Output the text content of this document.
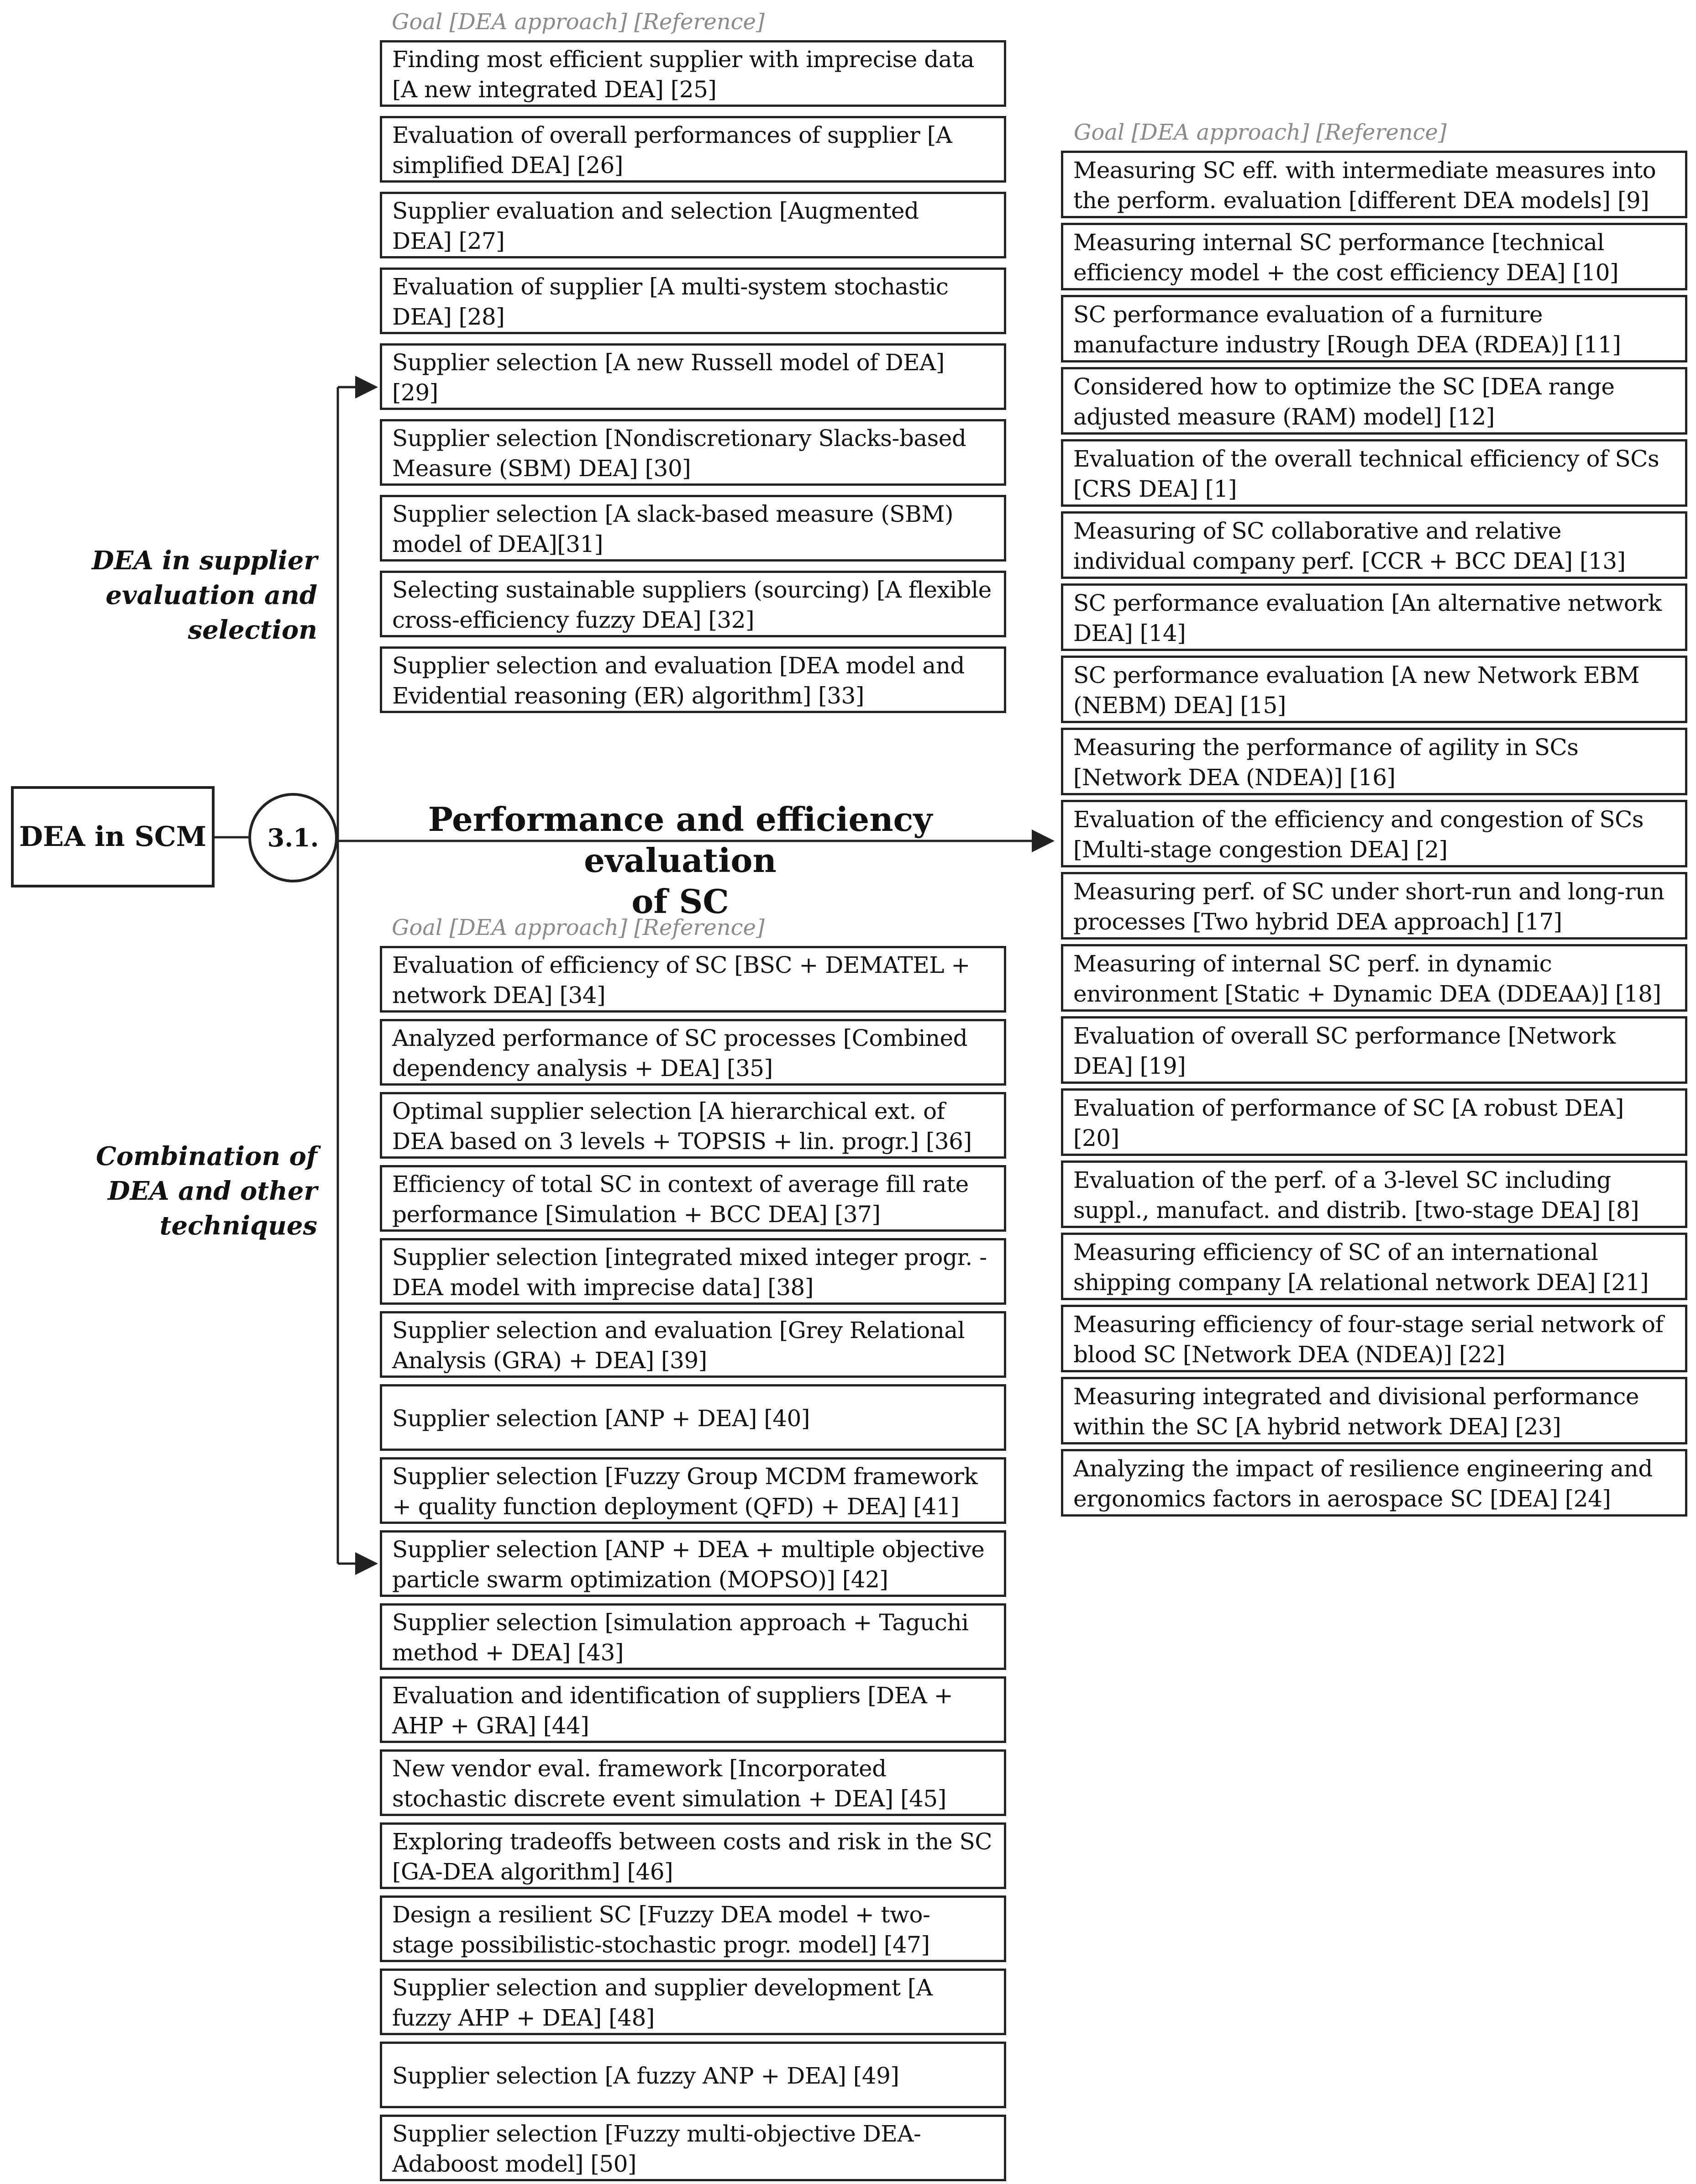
DEA in SCM 3.1.	Performance and efficiency evaluation
of SC
DEA in supplier
evaluation and
selection
Combination of
DEA and other
techniques
Goal [DEA approach] [Reference]
Goal [DEA approach] [Reference]
Goal [DEA approach] [Reference]
Finding most efficient supplier with imprecise data
[A new integrated DEA] [25]
Evaluation of overall performances of supplier [A
simplified DEA] [26]
Supplier evaluation and selection [Augmented
DEA] [27]
Evaluation of supplier [A multi-system stochastic
DEA] [28]
Supplier selection [A new Russell model of DEA]
[29]
Supplier selection [Nondiscretionary Slacks-based
Measure (SBM) DEA] [30]
Supplier selection [A slack-based measure (SBM)
model of DEA][31]
Selecting sustainable suppliers (sourcing) [A flexible
cross-efficiency fuzzy DEA] [32]
Supplier selection and evaluation [DEA model and
Evidential reasoning (ER) algorithm] [33]
Measuring SC eff. with intermediate measures into
the perform. evaluation [different DEA models] [9]
Measuring internal SC performance [technical
efficiency model + the cost efficiency DEA] [10]
SC performance evaluation of a furniture
manufacture industry [Rough DEA (RDEA)] [11]
Considered how to optimize the SC [DEA range
adjusted measure (RAM) model] [12]
Evaluation of the overall technical efficiency of SCs
[CRS DEA] [1]
Measuring of SC collaborative and relative
individual company perf. [CCR + BCC DEA] [13]
SC performance evaluation [An alternative network
DEA] [14]
SC performance evaluation [A new Network EBM
(NEBM) DEA] [15]
Measuring the performance of agility in SCs
[Network DEA (NDEA)] [16]
Evaluation of the efficiency and congestion of SCs
[Multi-stage congestion DEA] [2]
Measuring perf. of SC under short-run and long-run
processes [Two hybrid DEA approach] [17]
Measuring of internal SC perf. in dynamic
environment [Static + Dynamic DEA (DDEAA)] [18]
Evaluation of overall SC performance [Network
DEA] [19]
Evaluation of performance of SC [A robust DEA]
[20]
Evaluation of the perf. of a 3-level SC including
suppl., manufact. and distrib. [two-stage DEA] [8]
Measuring efficiency of SC of an international
shipping company [A relational network DEA] [21]
Measuring efficiency of four-stage serial network of
blood SC [Network DEA (NDEA)] [22]
Measuring integrated and divisional performance
within the SC [A hybrid network DEA] [23]
Analyzing the impact of resilience engineering and
ergonomics factors in aerospace SC [DEA] [24]
Evaluation of efficiency of SC [BSC + DEMATEL +
network DEA] [34]
Analyzed performance of SC processes [Combined
dependency analysis + DEA] [35]
Optimal supplier selection [A hierarchical ext. of
DEA based on 3 levels + TOPSIS + lin. progr.] [36]
Efficiency of total SC in context of average fill rate
performance [Simulation + BCC DEA] [37]
Supplier selection [integrated mixed integer progr. -
DEA model with imprecise data] [38]
Supplier selection and evaluation [Grey Relational
Analysis (GRA) + DEA] [39]
Supplier selection [ANP + DEA] [40]
Supplier selection [Fuzzy Group MCDM framework
+ quality function deployment (QFD) + DEA] [41]
Supplier selection [ANP + DEA + multiple objective
particle swarm optimization (MOPSO)] [42]
Supplier selection [simulation approach + Taguchi
method + DEA] [43]
Evaluation and identification of suppliers [DEA +
AHP + GRA] [44]
New vendor eval. framework [Incorporated
stochastic discrete event simulation + DEA] [45]
Exploring tradeoffs between costs and risk in the SC
[GA-DEA algorithm] [46]
Design a resilient SC [Fuzzy DEA model + two-
stage possibilistic-stochastic progr. model] [47]
Supplier selection and supplier development [A
fuzzy AHP + DEA] [48]
Supplier selection [A fuzzy ANP + DEA] [49]
Supplier selection [Fuzzy multi-objective DEA-
Adaboost model] [50]
